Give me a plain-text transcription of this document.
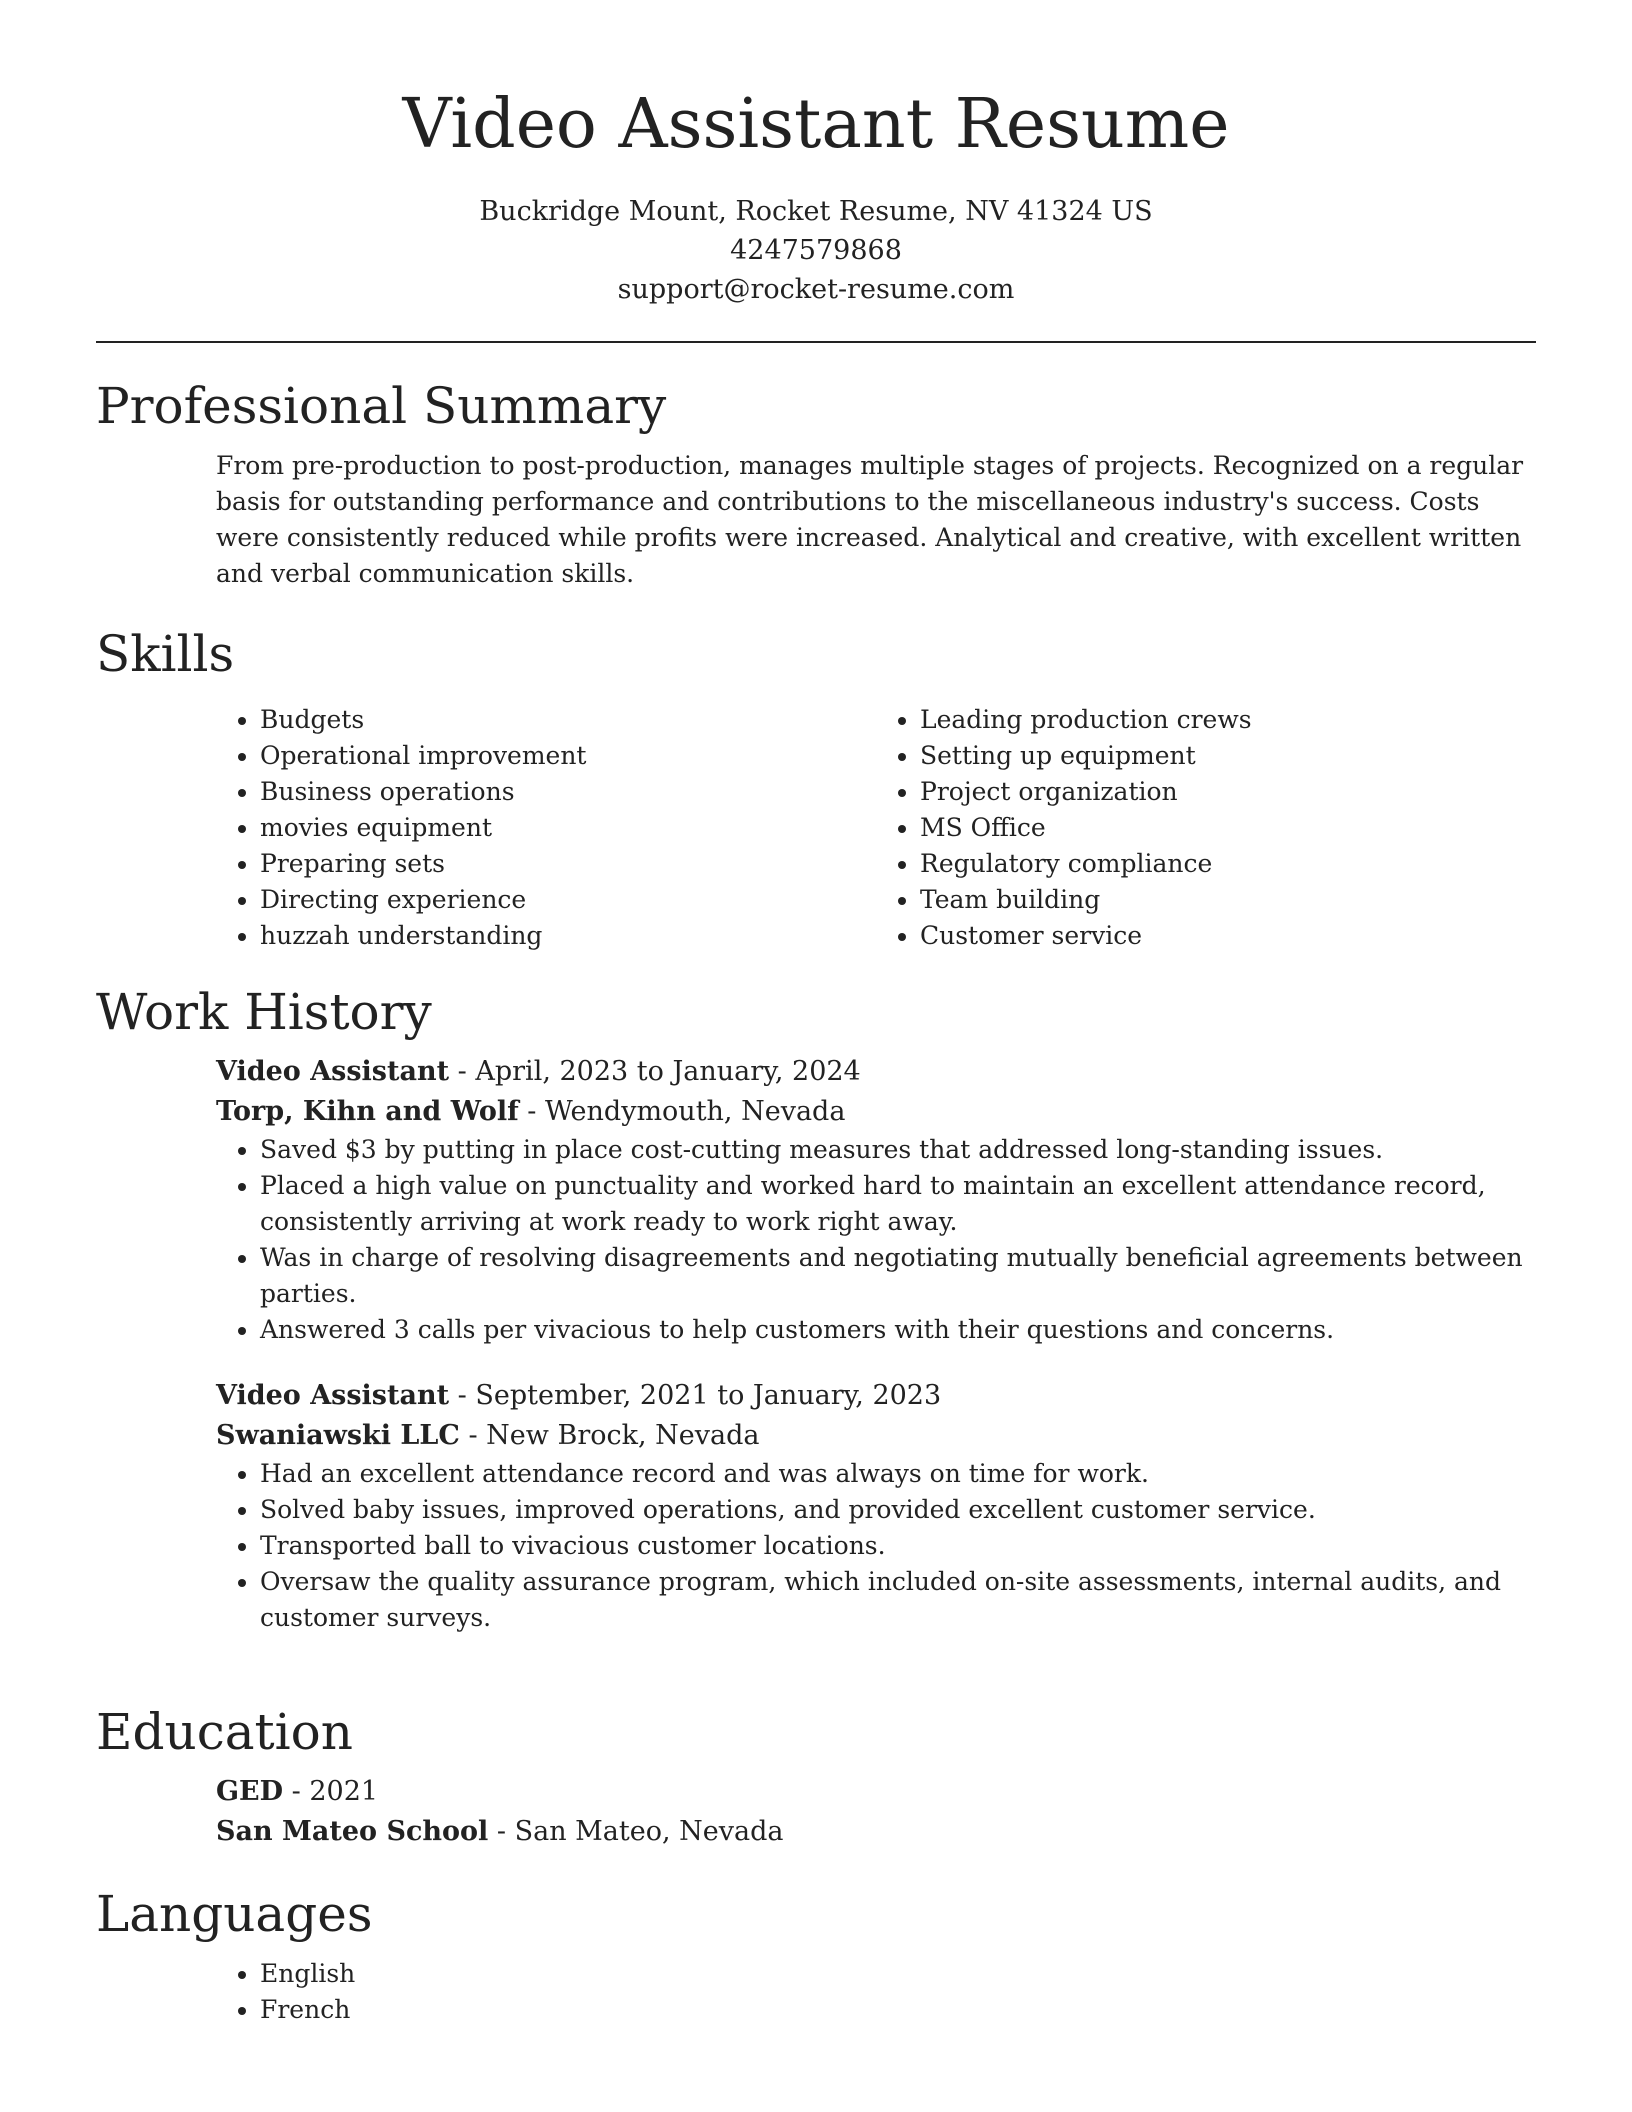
Video Assistant Resume
Buckridge Mount, Rocket Resume, NV 41324 US
4247579868
support@rocket-resume.com
Professional Summary
From pre-production to post-production, manages multiple stages of projects. Recognized on a regular basis for outstanding performance and contributions to the miscellaneous industry's success. Costs were consistently reduced while profits were increased. Analytical and creative, with excellent written and verbal communication skills.
Skills
• Budgets
• Operational improvement
• Business operations
• movies equipment
• Preparing sets
• Directing experience
• huzzah understanding
• Leading production crews
• Setting up equipment
• Project organization
• MS Office
• Regulatory compliance
• Team building
• Customer service
Work History
Video Assistant - April, 2023 to January, 2024
Torp, Kihn and Wolf - Wendymouth, Nevada
• Saved $3 by putting in place cost-cutting measures that addressed long-standing issues.
• Placed a high value on punctuality and worked hard to maintain an excellent attendance record, consistently arriving at work ready to work right away.
• Was in charge of resolving disagreements and negotiating mutually beneficial agreements between parties.
• Answered 3 calls per vivacious to help customers with their questions and concerns.
Video Assistant - September, 2021 to January, 2023
Swaniawski LLC - New Brock, Nevada
• Had an excellent attendance record and was always on time for work.
• Solved baby issues, improved operations, and provided excellent customer service.
• Transported ball to vivacious customer locations.
• Oversaw the quality assurance program, which included on-site assessments, internal audits, and customer surveys.
Education
GED - 2021
San Mateo School - San Mateo, Nevada
Languages
• English
• French
